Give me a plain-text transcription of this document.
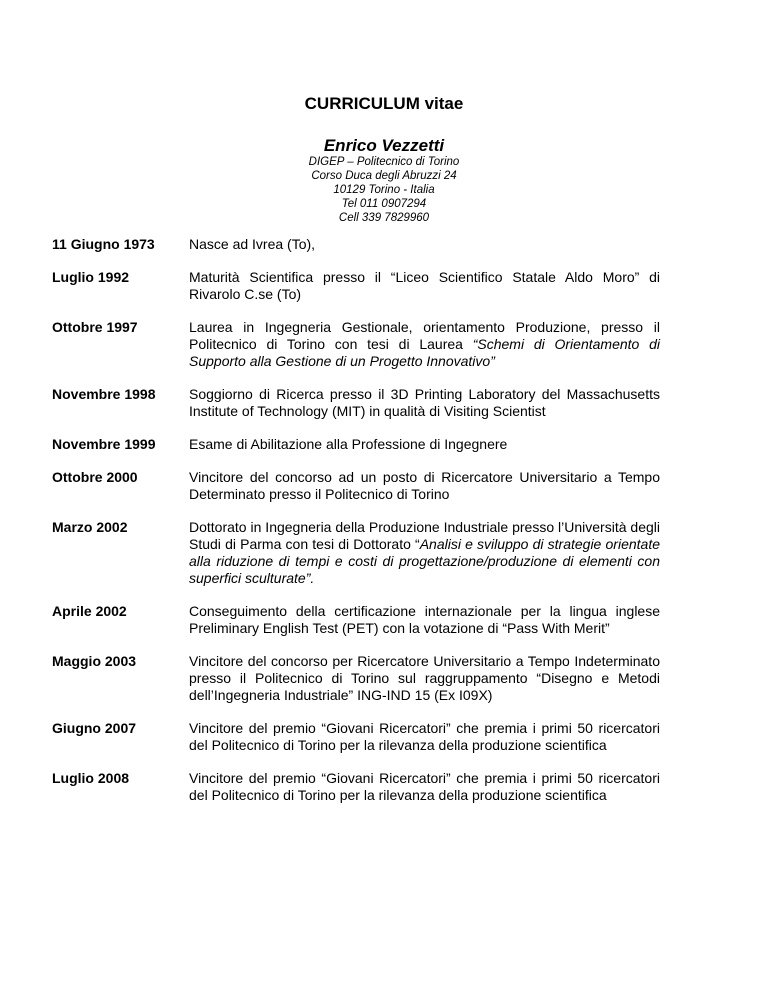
CURRICULUM vitae
Enrico Vezzetti
DIGEP – Politecnico di Torino
Corso Duca degli Abruzzi 24
10129 Torino - Italia
Tel 011 0907294
Cell 339 7829960
11 Giugno 1973	Nasce ad Ivrea (To),
Luglio 1992	Maturità Scientifica presso il “Liceo Scientifico Statale Aldo Moro” di Rivarolo C.se (To)
Ottobre 1997	Laurea in Ingegneria Gestionale, orientamento Produzione, presso il Politecnico di Torino con tesi di Laurea “Schemi di Orientamento di Supporto alla Gestione di un Progetto Innovativo”
Novembre 1998	Soggiorno di Ricerca presso il 3D Printing Laboratory del Massachusetts Institute of Technology (MIT) in qualità di Visiting Scientist
Novembre 1999	Esame di Abilitazione alla Professione di Ingegnere
Ottobre 2000	Vincitore del concorso ad un posto di Ricercatore Universitario a Tempo Determinato presso il Politecnico di Torino
Marzo 2002	Dottorato in Ingegneria della Produzione Industriale presso l’Università degli Studi di Parma con tesi di Dottorato “Analisi e sviluppo di strategie orientate alla riduzione di tempi e costi di progettazione/produzione di elementi con superfici sculturate”.
Aprile 2002	Conseguimento della certificazione internazionale per la lingua inglese Preliminary English Test (PET) con la votazione di “Pass With Merit”
Maggio 2003	Vincitore del concorso per Ricercatore Universitario a Tempo Indeterminato presso il Politecnico di Torino sul raggruppamento “Disegno e Metodi dell’Ingegneria Industriale” ING-IND 15 (Ex I09X)
Giugno 2007	Vincitore del premio “Giovani Ricercatori” che premia i primi 50 ricercatori del Politecnico di Torino per la rilevanza della produzione scientifica
Luglio 2008	Vincitore del premio “Giovani Ricercatori” che premia i primi 50 ricercatori del Politecnico di Torino per la rilevanza della produzione scientifica
